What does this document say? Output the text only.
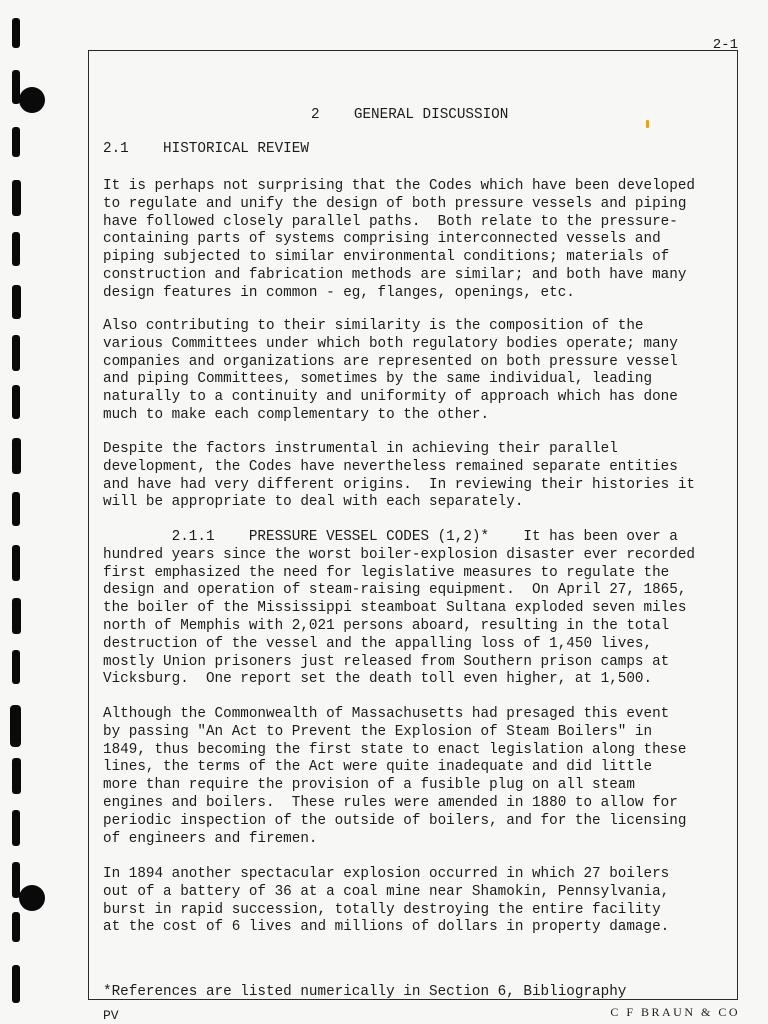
2-1
2    GENERAL DISCUSSION
2.1    HISTORICAL REVIEW
It is perhaps not surprising that the Codes which have been developed
to regulate and unify the design of both pressure vessels and piping
have followed closely parallel paths.  Both relate to the pressure-
containing parts of systems comprising interconnected vessels and
piping subjected to similar environmental conditions; materials of
construction and fabrication methods are similar; and both have many
design features in common - eg, flanges, openings, etc.
Also contributing to their similarity is the composition of the
various Committees under which both regulatory bodies operate; many
companies and organizations are represented on both pressure vessel
and piping Committees, sometimes by the same individual, leading
naturally to a continuity and uniformity of approach which has done
much to make each complementary to the other.
Despite the factors instrumental in achieving their parallel
development, the Codes have nevertheless remained separate entities
and have had very different origins.  In reviewing their histories it
will be appropriate to deal with each separately.
2.1.1    PRESSURE VESSEL CODES (1,2)*    It has been over a
hundred years since the worst boiler-explosion disaster ever recorded
first emphasized the need for legislative measures to regulate the
design and operation of steam-raising equipment.  On April 27, 1865,
the boiler of the Mississippi steamboat Sultana exploded seven miles
north of Memphis with 2,021 persons aboard, resulting in the total
destruction of the vessel and the appalling loss of 1,450 lives,
mostly Union prisoners just released from Southern prison camps at
Vicksburg.  One report set the death toll even higher, at 1,500.
Although the Commonwealth of Massachusetts had presaged this event
by passing "An Act to Prevent the Explosion of Steam Boilers" in
1849, thus becoming the first state to enact legislation along these
lines, the terms of the Act were quite inadequate and did little
more than require the provision of a fusible plug on all steam
engines and boilers.  These rules were amended in 1880 to allow for
periodic inspection of the outside of boilers, and for the licensing
of engineers and firemen.
In 1894 another spectacular explosion occurred in which 27 boilers
out of a battery of 36 at a coal mine near Shamokin, Pennsylvania,
burst in rapid succession, totally destroying the entire facility
at the cost of 6 lives and millions of dollars in property damage.
*References are listed numerically in Section 6, Bibliography
PV	C F BRAUN & CO
